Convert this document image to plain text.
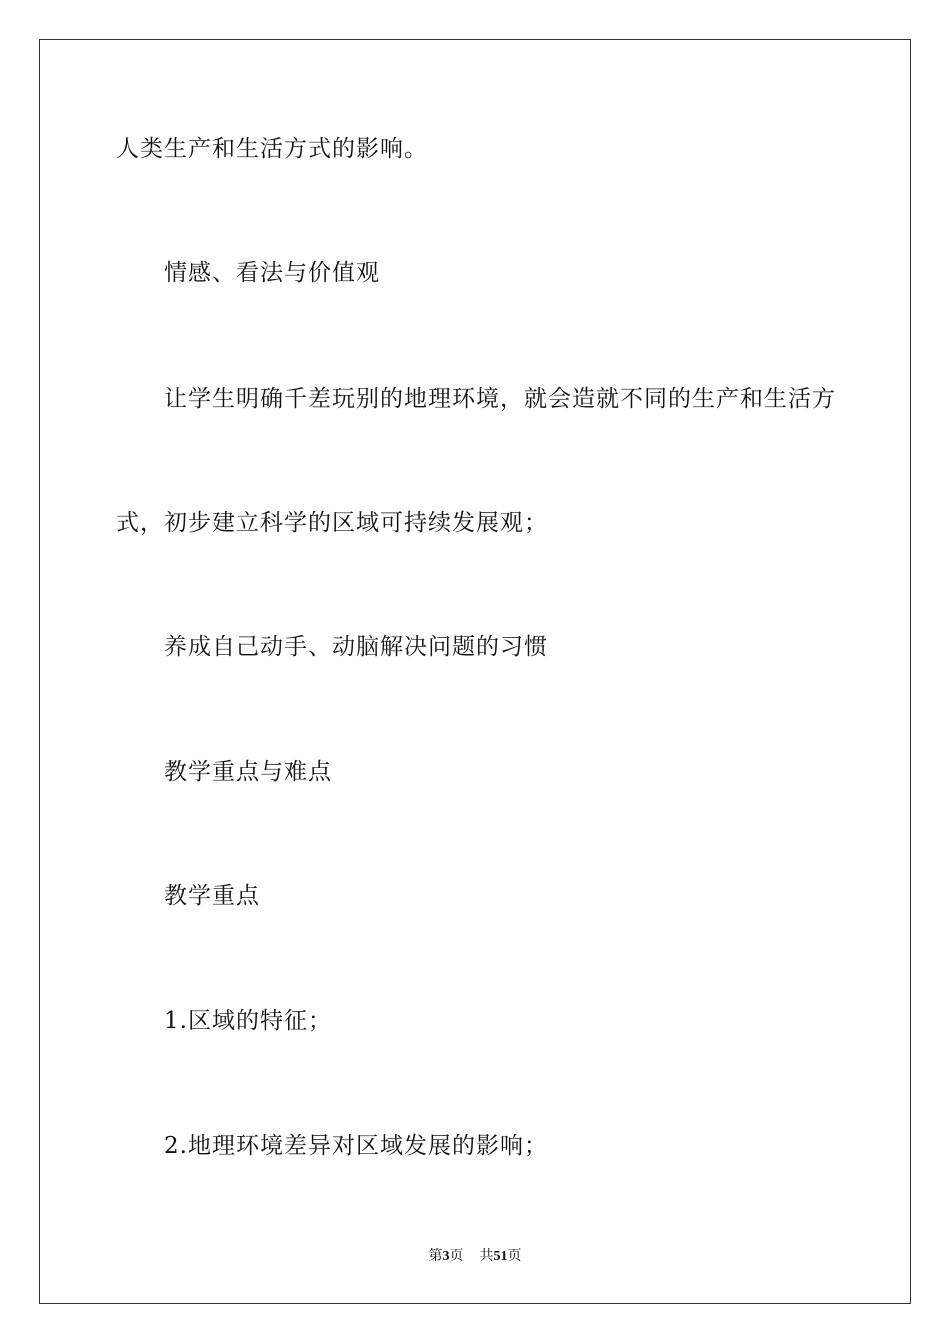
人类生产和生活方式的影响。
情感、看法与价值观
让学生明确千差玩别的地理环境，就会造就不同的生产和生活方
式，初步建立科学的区域可持续发展观；
养成自己动手、动脑解决问题的习惯
教学重点与难点
教学重点
1.区域的特征；
2.地理环境差异对区域发展的影响；
第3页 共51页
